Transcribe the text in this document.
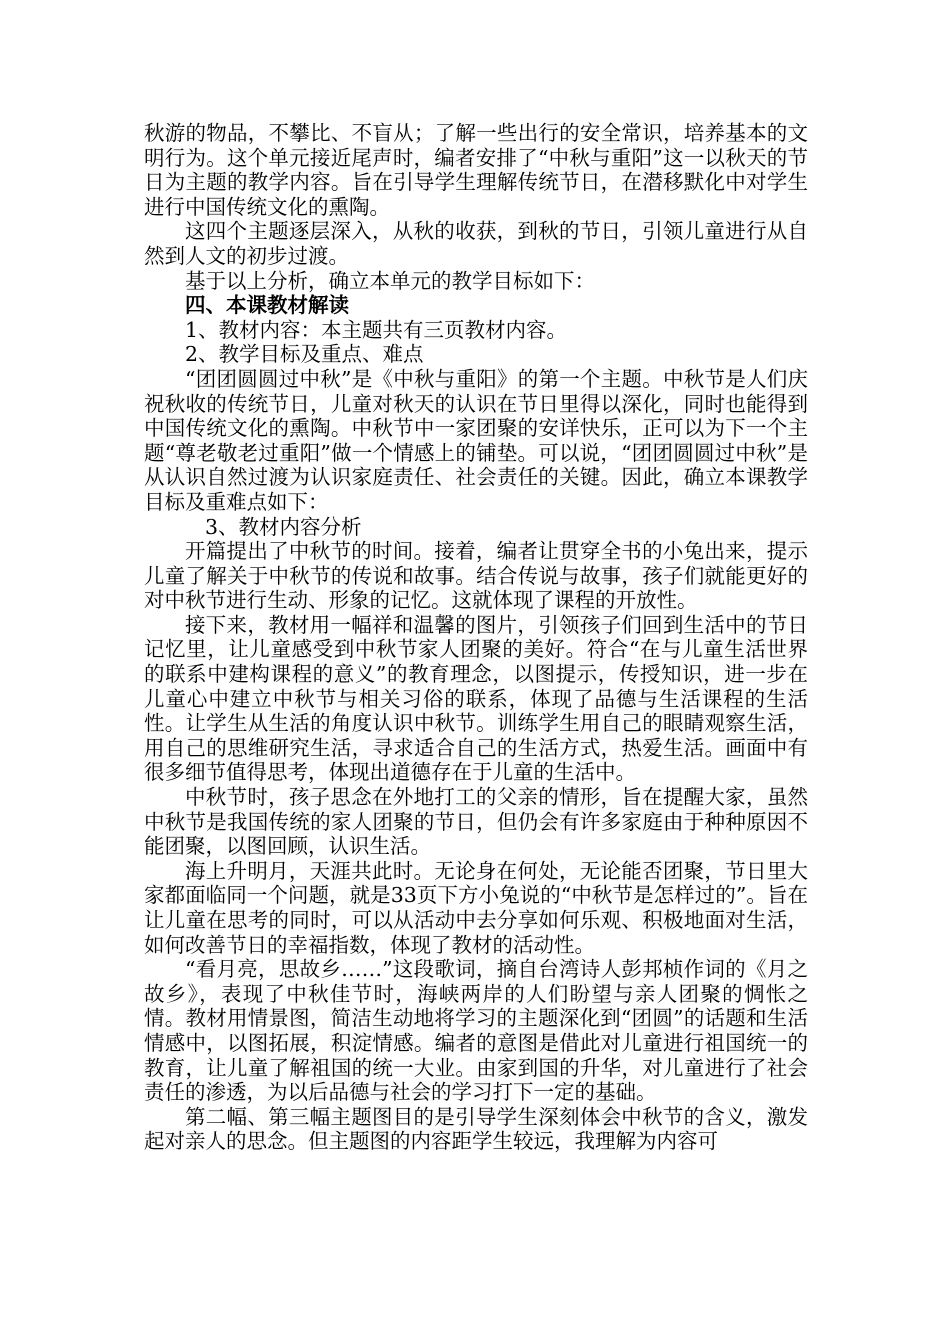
秋游的物品，不攀比、不盲从；了解一些出行的安全常识，培养基本的文明行为。这个单元接近尾声时，编者安排了“中秋与重阳”这一以秋天的节日为主题的教学内容。旨在引导学生理解传统节日，在潜移默化中对学生进行中国传统文化的熏陶。

这四个主题逐层深入，从秋的收获，到秋的节日，引领儿童进行从自然到人文的初步过渡。

基于以上分析，确立本单元的教学目标如下：

四、本课教材解读

1、教材内容：本主题共有三页教材内容。

2、教学目标及重点、难点

“团团圆圆过中秋”是《中秋与重阳》的第一个主题。中秋节是人们庆祝秋收的传统节日，儿童对秋天的认识在节日里得以深化，同时也能得到中国传统文化的熏陶。中秋节中一家团聚的安详快乐，正可以为下一个主题“尊老敬老过重阳”做一个情感上的铺垫。可以说，“团团圆圆过中秋”是从认识自然过渡为认识家庭责任、社会责任的关键。因此，确立本课教学目标及重难点如下：

3、教材内容分析

开篇提出了中秋节的时间。接着，编者让贯穿全书的小兔出来，提示儿童了解关于中秋节的传说和故事。结合传说与故事，孩子们就能更好的对中秋节进行生动、形象的记忆。这就体现了课程的开放性。

接下来，教材用一幅祥和温馨的图片，引领孩子们回到生活中的节日记忆里，让儿童感受到中秋节家人团聚的美好。符合“在与儿童生活世界的联系中建构课程的意义”的教育理念，以图提示，传授知识，进一步在儿童心中建立中秋节与相关习俗的联系，体现了品德与生活课程的生活性。让学生从生活的角度认识中秋节。训练学生用自己的眼睛观察生活，用自己的思维研究生活，寻求适合自己的生活方式，热爱生活。画面中有很多细节值得思考，体现出道德存在于儿童的生活中。

中秋节时，孩子思念在外地打工的父亲的情形，旨在提醒大家，虽然中秋节是我国传统的家人团聚的节日，但仍会有许多家庭由于种种原因不能团聚，以图回顾，认识生活。

海上升明月，天涯共此时。无论身在何处，无论能否团聚，节日里大家都面临同一个问题，就是33页下方小兔说的“中秋节是怎样过的”。旨在让儿童在思考的同时，可以从活动中去分享如何乐观、积极地面对生活，如何改善节日的幸福指数，体现了教材的活动性。

“看月亮，思故乡……”这段歌词，摘自台湾诗人彭邦桢作词的《月之故乡》，表现了中秋佳节时，海峡两岸的人们盼望与亲人团聚的惆怅之情。教材用情景图，简洁生动地将学习的主题深化到“团圆”的话题和生活情感中，以图拓展，积淀情感。编者的意图是借此对儿童进行祖国统一的教育，让儿童了解祖国的统一大业。由家到国的升华，对儿童进行了社会责任的渗透，为以后品德与社会的学习打下一定的基础。

第二幅、第三幅主题图目的是引导学生深刻体会中秋节的含义，激发起对亲人的思念。但主题图的内容距学生较远，我理解为内容可
